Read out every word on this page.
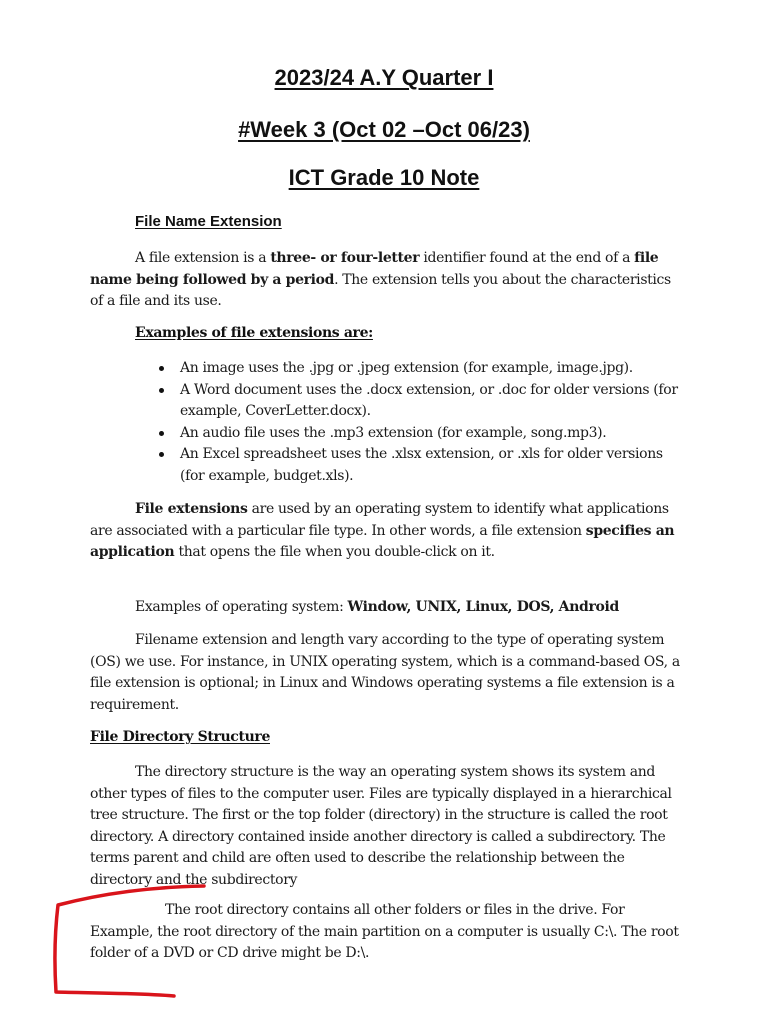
2023/24 A.Y Quarter I
#Week 3 (Oct 02 –Oct 06/23)
ICT Grade 10 Note
File Name Extension

A file extension is a three- or four-letter identifier found at the end of a file name being followed by a period. The extension tells you about the characteristics of a file and its use.

Examples of file extensions are:
An image uses the .jpg or .jpeg extension (for example, image.jpg).
A Word document uses the .docx extension, or .doc for older versions (for example, CoverLetter.docx).
An audio file uses the .mp3 extension (for example, song.mp3).
An Excel spreadsheet uses the .xlsx extension, or .xls for older versions (for example, budget.xls).

File extensions are used by an operating system to identify what applications are associated with a particular file type. In other words, a file extension specifies an application that opens the file when you double-click on it.

Examples of operating system: Window, UNIX, Linux, DOS, Android

Filename extension and length vary according to the type of operating system (OS) we use. For instance, in UNIX operating system, which is a command-based OS, a file extension is optional; in Linux and Windows operating systems a file extension is a requirement.

File Directory Structure

The directory structure is the way an operating system shows its system and other types of files to the computer user. Files are typically displayed in a hierarchical tree structure. The first or the top folder (directory) in the structure is called the root directory. A directory contained inside another directory is called a subdirectory. The terms parent and child are often used to describe the relationship between the directory and the subdirectory

The root directory contains all other folders or files in the drive. For Example, the root directory of the main partition on a computer is usually C:\. The root folder of a DVD or CD drive might be D:\.
